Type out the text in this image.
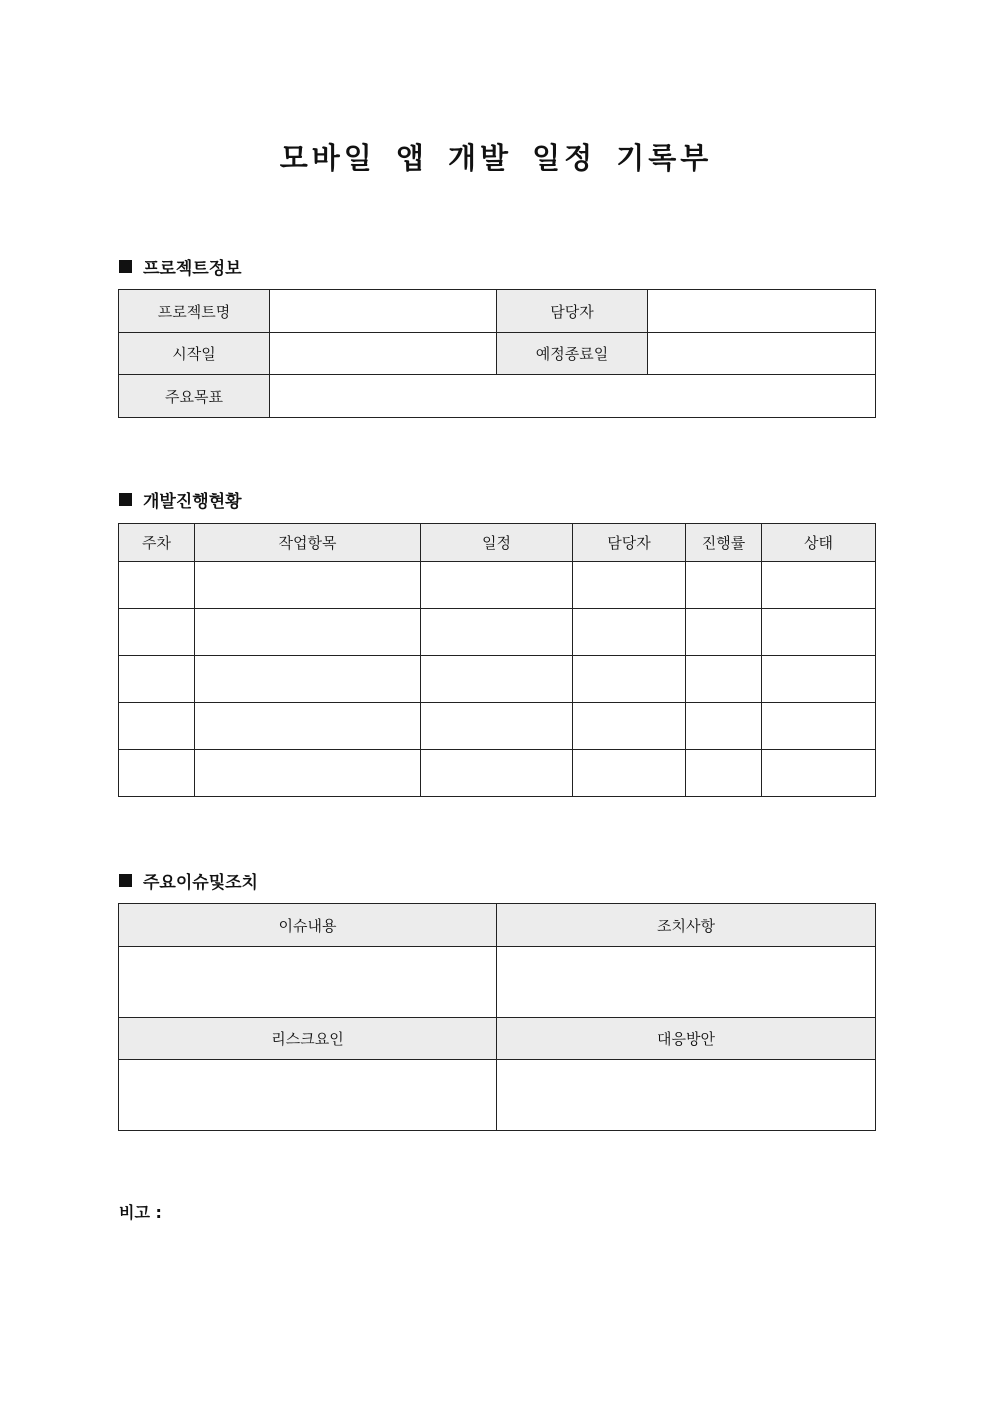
모바일 앱 개발 일정 기록부
프로젝트정보
프로젝트명		담당자	
시작일		예정종료일	
주요목표			
개발진행현황
주차	작업항목	일정	담당자	진행률	상태

주요이슈및조치
이슈내용	조치사항

리스크요인	대응방안

비고 :
